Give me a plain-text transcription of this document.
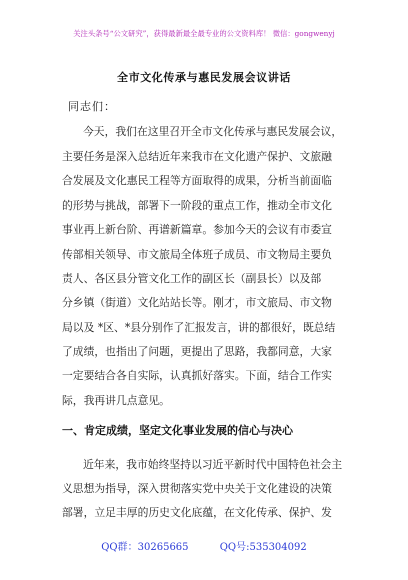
关注头条号“公文研究”，获得最新最全最专业的公文资料库！ 微信：gongwenyj
全市文化传承与惠民发展会议讲话
同志们：
今天，我们在这里召开全市文化传承与惠民发展会议，
主要任务是深入总结近年来我市在文化遗产保护、文旅融
合发展及文化惠民工程等方面取得的成果，分析当前面临
的形势与挑战，部署下一阶段的重点工作，推动全市文化
事业再上新台阶、再谱新篇章。参加今天的会议有市委宣
传部相关领导、市文旅局全体班子成员、市文物局主要负
责人、各区县分管文化工作的副区长（副县长）以及部
分乡镇（街道）文化站站长等。刚才，市文旅局、市文物
局以及 *区、*县分别作了汇报发言，讲的都很好，既总结
了成绩，也指出了问题，更提出了思路，我都同意，大家
一定要结合各自实际，认真抓好落实。下面，结合工作实
际，我再讲几点意见。
一、肯定成绩，坚定文化事业发展的信心与决心
近年来，我市始终坚持以习近平新时代中国特色社会主
义思想为指导，深入贯彻落实党中央关于文化建设的决策
部署，立足丰厚的历史文化底蕴，在文化传承、保护、发
QQ群：30265665	QQ号:535304092
